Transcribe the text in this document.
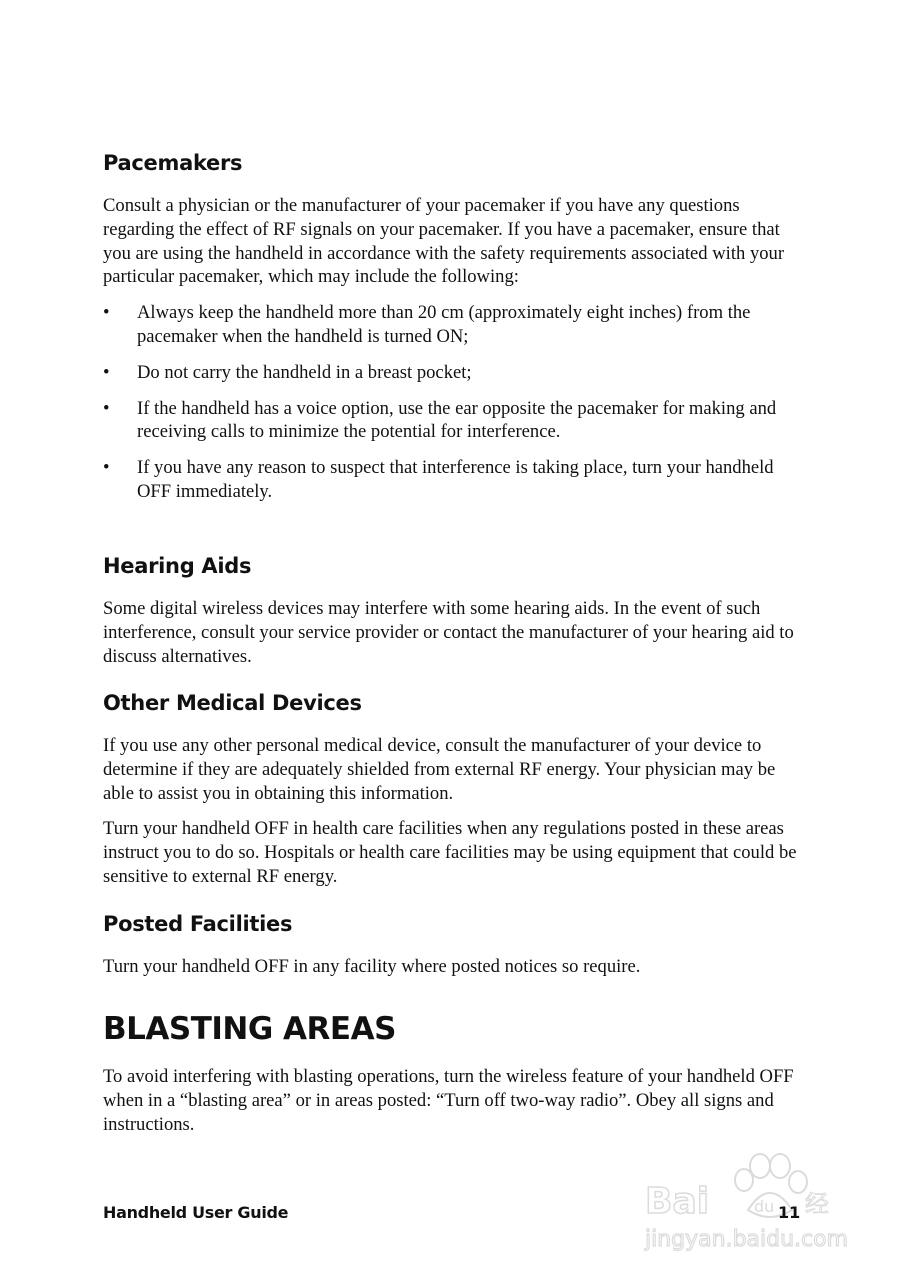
Pacemakers

Consult a physician or the manufacturer of your pacemaker if you have any questions regarding the effect of RF signals on your pacemaker. If you have a pacemaker, ensure that you are using the handheld in accordance with the safety requirements associated with your particular pacemaker, which may include the following:

• Always keep the handheld more than 20 cm (approximately eight inches) from the pacemaker when the handheld is turned ON;
• Do not carry the handheld in a breast pocket;
• If the handheld has a voice option, use the ear opposite the pacemaker for making and receiving calls to minimize the potential for interference.
• If you have any reason to suspect that interference is taking place, turn your handheld OFF immediately.
Hearing Aids

Some digital wireless devices may interfere with some hearing aids. In the event of such interference, consult your service provider or contact the manufacturer of your hearing aid to discuss alternatives.

Other Medical Devices

If you use any other personal medical device, consult the manufacturer of your device to determine if they are adequately shielded from external RF energy. Your physician may be able to assist you in obtaining this information.

Turn your handheld OFF in health care facilities when any regulations posted in these areas instruct you to do so. Hospitals or health care facilities may be using equipment that could be sensitive to external RF energy.

Posted Facilities

Turn your handheld OFF in any facility where posted notices so require.

BLASTING AREAS

To avoid interfering with blasting operations, turn the wireless feature of your handheld OFF when in a “blasting area” or in areas posted: “Turn off two-way radio”. Obey all signs and instructions.

Bai	du 经
jingyan.baidu.com
Handheld User Guide	11
